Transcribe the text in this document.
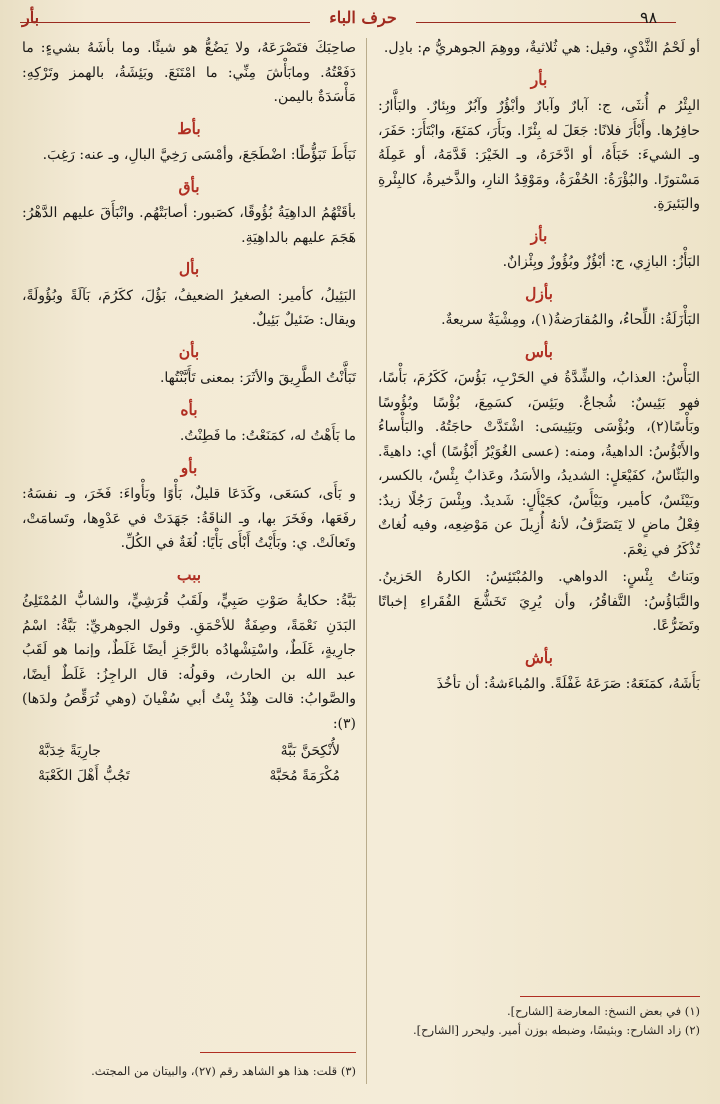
بأر	حرف الباء	٩٨

أو لَحْمُ الثَّدْيِ، وقيل: هي ثُلاثيةٌ، ووهِمَ الجوهريُّ م: بادِل.

بأر

البِئْرُ م أُنثَى، ج: آبارٌ وآبارٌ وأبْؤُرٌ وآبُرٌ وبِئارٌ. والبَأَّارُ: حافِرُها. وأَبْأَرَ فلانًا: جَعَلَ له بِئْرًا. وبَأَرَ، كمَنَعَ، وابْتَأَرَ: حَفَرَ، وـ الشيءَ: خَبَأَهُ، أو ادَّخَرَهُ، وـ الخَيْرَ: قَدَّمَهُ، أو عَمِلَهُ مَسْتورًا. والبُؤْرَةُ: الحُفْرَةُ، ومَوْقِدُ النارِ، والذَّخيرةُ، كالبِئْرةِ والبَئيرَةِ.

بأز

البَأْزُ: البازِي، ج: أبْؤُزٌ وبُؤُوزٌ وبِئْزانٌ.

بأزل

البَأْزَلَةُ: اللِّحاءُ، والمُقارَضةُ(١)، ومِشْيَةٌ سريعةٌ.

بأس

البَأْسُ: العذابُ، والشِّدَّةُ في الحَرْبِ، بَؤُسَ، كَكَرُمَ، بَأْسًا، فهو بَئِيسٌ: شُجاعٌ. وبَئِسَ، كسَمِعَ، بُؤْسًا وبُؤُوسًا وبَأْسًا(٢)، وبُؤْسَى وبَئِيسَى: اشْتَدَّتْ حاجَتُهُ. والبَأْساءُ والأَبْؤُسُ: الداهيةُ، ومنه: (عسى الغُوَيْرُ أَبْؤُسًا) أي: داهيةً. والبَئّاسُ، كفَيْعَلٍ: الشديدُ، والأسَدُ، وعَذابٌ بِئْسٌ، بالكسر، وبَيْئَسٌ، كأمير، وبَيْأَسٌ، كجَيْأَلٍ: شَديدٌ. وبِئْسَ رَجُلًا زيدٌ: فِعْلُ ماضٍ لا يَتَصَرَّفُ، لأنهُ أُزِيلَ عن مَوْضِعِه، وفيه لُغاتٌ تُذْكَرُ في نِعْمَ.

وبَناتُ بِئْسٍ: الدواهي. والمُبْتَئِسُ: الكارهُ الحَزينُ. والتَّبَاؤُسُ: التَّفاقُرُ، وأن يُرِيَ تَخَشُّعَ الفُقَراءِ إخباتًا وتَضَرُّعًا.

بأش

بَأَشَهُ، كمَنَعَهُ: صَرَعَهُ غَفْلَةً. والمُباءَشةُ: أن تأخُذَ

(١) في بعض النسخ: المعارضة [الشارح].
(٢) زاد الشارح: وبئيسًا، وضبطه بوزن أمير. وليحرر [الشارح].

صاحِبَكَ فتَصْرَعَهُ، ولا يَضُعُّ هو شيئًا. وما بأشَهُ بشيءٍ: ما دَفَعْتُهُ. ومابَأْشَ مِنِّي: ما امْتَنَعَ. وبَئِشَةُ، بالهمز وتَرْكِهِ: مَأْسَدَةٌ باليمن.

بأط

نَبَأَطَ تَبَؤُّطًا: اضْطَجَعَ، وأمْسَى رَخِيَّ البالِ، وـ عنه: رَغِبَ.

بأق

بأقَتْهُمُ الداهِيَةُ بُؤُوقًا، كصَبور: أصابَتْهُم. وانْبَأَقَ عليهم الدَّهْرُ: هَجَمَ عليهم بالداهِيَةِ.

بأل

البَئِيلُ، كأمير: الصغيرُ الضعيفُ، بَؤُلَ، ككَرُمَ، بَآلَةً وبُؤُولَةً، ويقال: ضَئيلٌ بَئِيلٌ.

بأن

تَبَأَّنْتُ الطَّرِيقَ والأثَرَ: بمعنى تَأَبَّنْتُها.

بأه

ما بَأَهْتُ له، كمَنَعْتُ: ما فَطِنْتُ.

بأو

و بَأَى، كسَعَى، وكَدَعَا قليلٌ، بَأْوًا وبَأْواءَ: فَخَرَ، وـ نفسَهُ: رفَعَها، وفَخَرَ بها، وـ الناقَةُ: جَهَدَتْ في عَدْوِها، وتَسامَتْ، وتَعالَتْ. ي: وبَأَيْتُ أَبْأَى بَأْيًا: لُغَةٌ في الكُلِّ.

ببب

بَبَّةُ: حكايةُ صَوْتِ صَبِيٍّ، ولَقَبُ قُرَشِيٍّ، والشابُّ المُمْتَلِئُ البَدَنِ نَعْمَةً، وصِفَةٌ للأحْمَقِ. وقول الجوهريِّ: بَبَّةُ: اسْمُ جارِيةٍ، غَلَطٌ، واسْتِشْهادُه بالرَّجَزِ أيضًا غَلَطٌ، وإنما هو لَقَبُ عبد الله بن الحارث، وقولُه: قال الراجِزُ: غَلَطٌ أيضًا، والصَّوابُ: قالت هِنْدُ بِنْتُ أبي سُفْيانَ (وهي تُرَقِّصُ ولدَها)(٣):

لأُنْكِحَنَّ بَبَّهْ
جارِيَةً خِدَبَّهْ
مُكْرَمَةً مُحَبَّهْ
تَجُبُّ أَهْلَ الكَعْبَهْ
(٣) قلت: هذا هو الشاهد رقم (٢٧)، والبيتان من المجتث.
